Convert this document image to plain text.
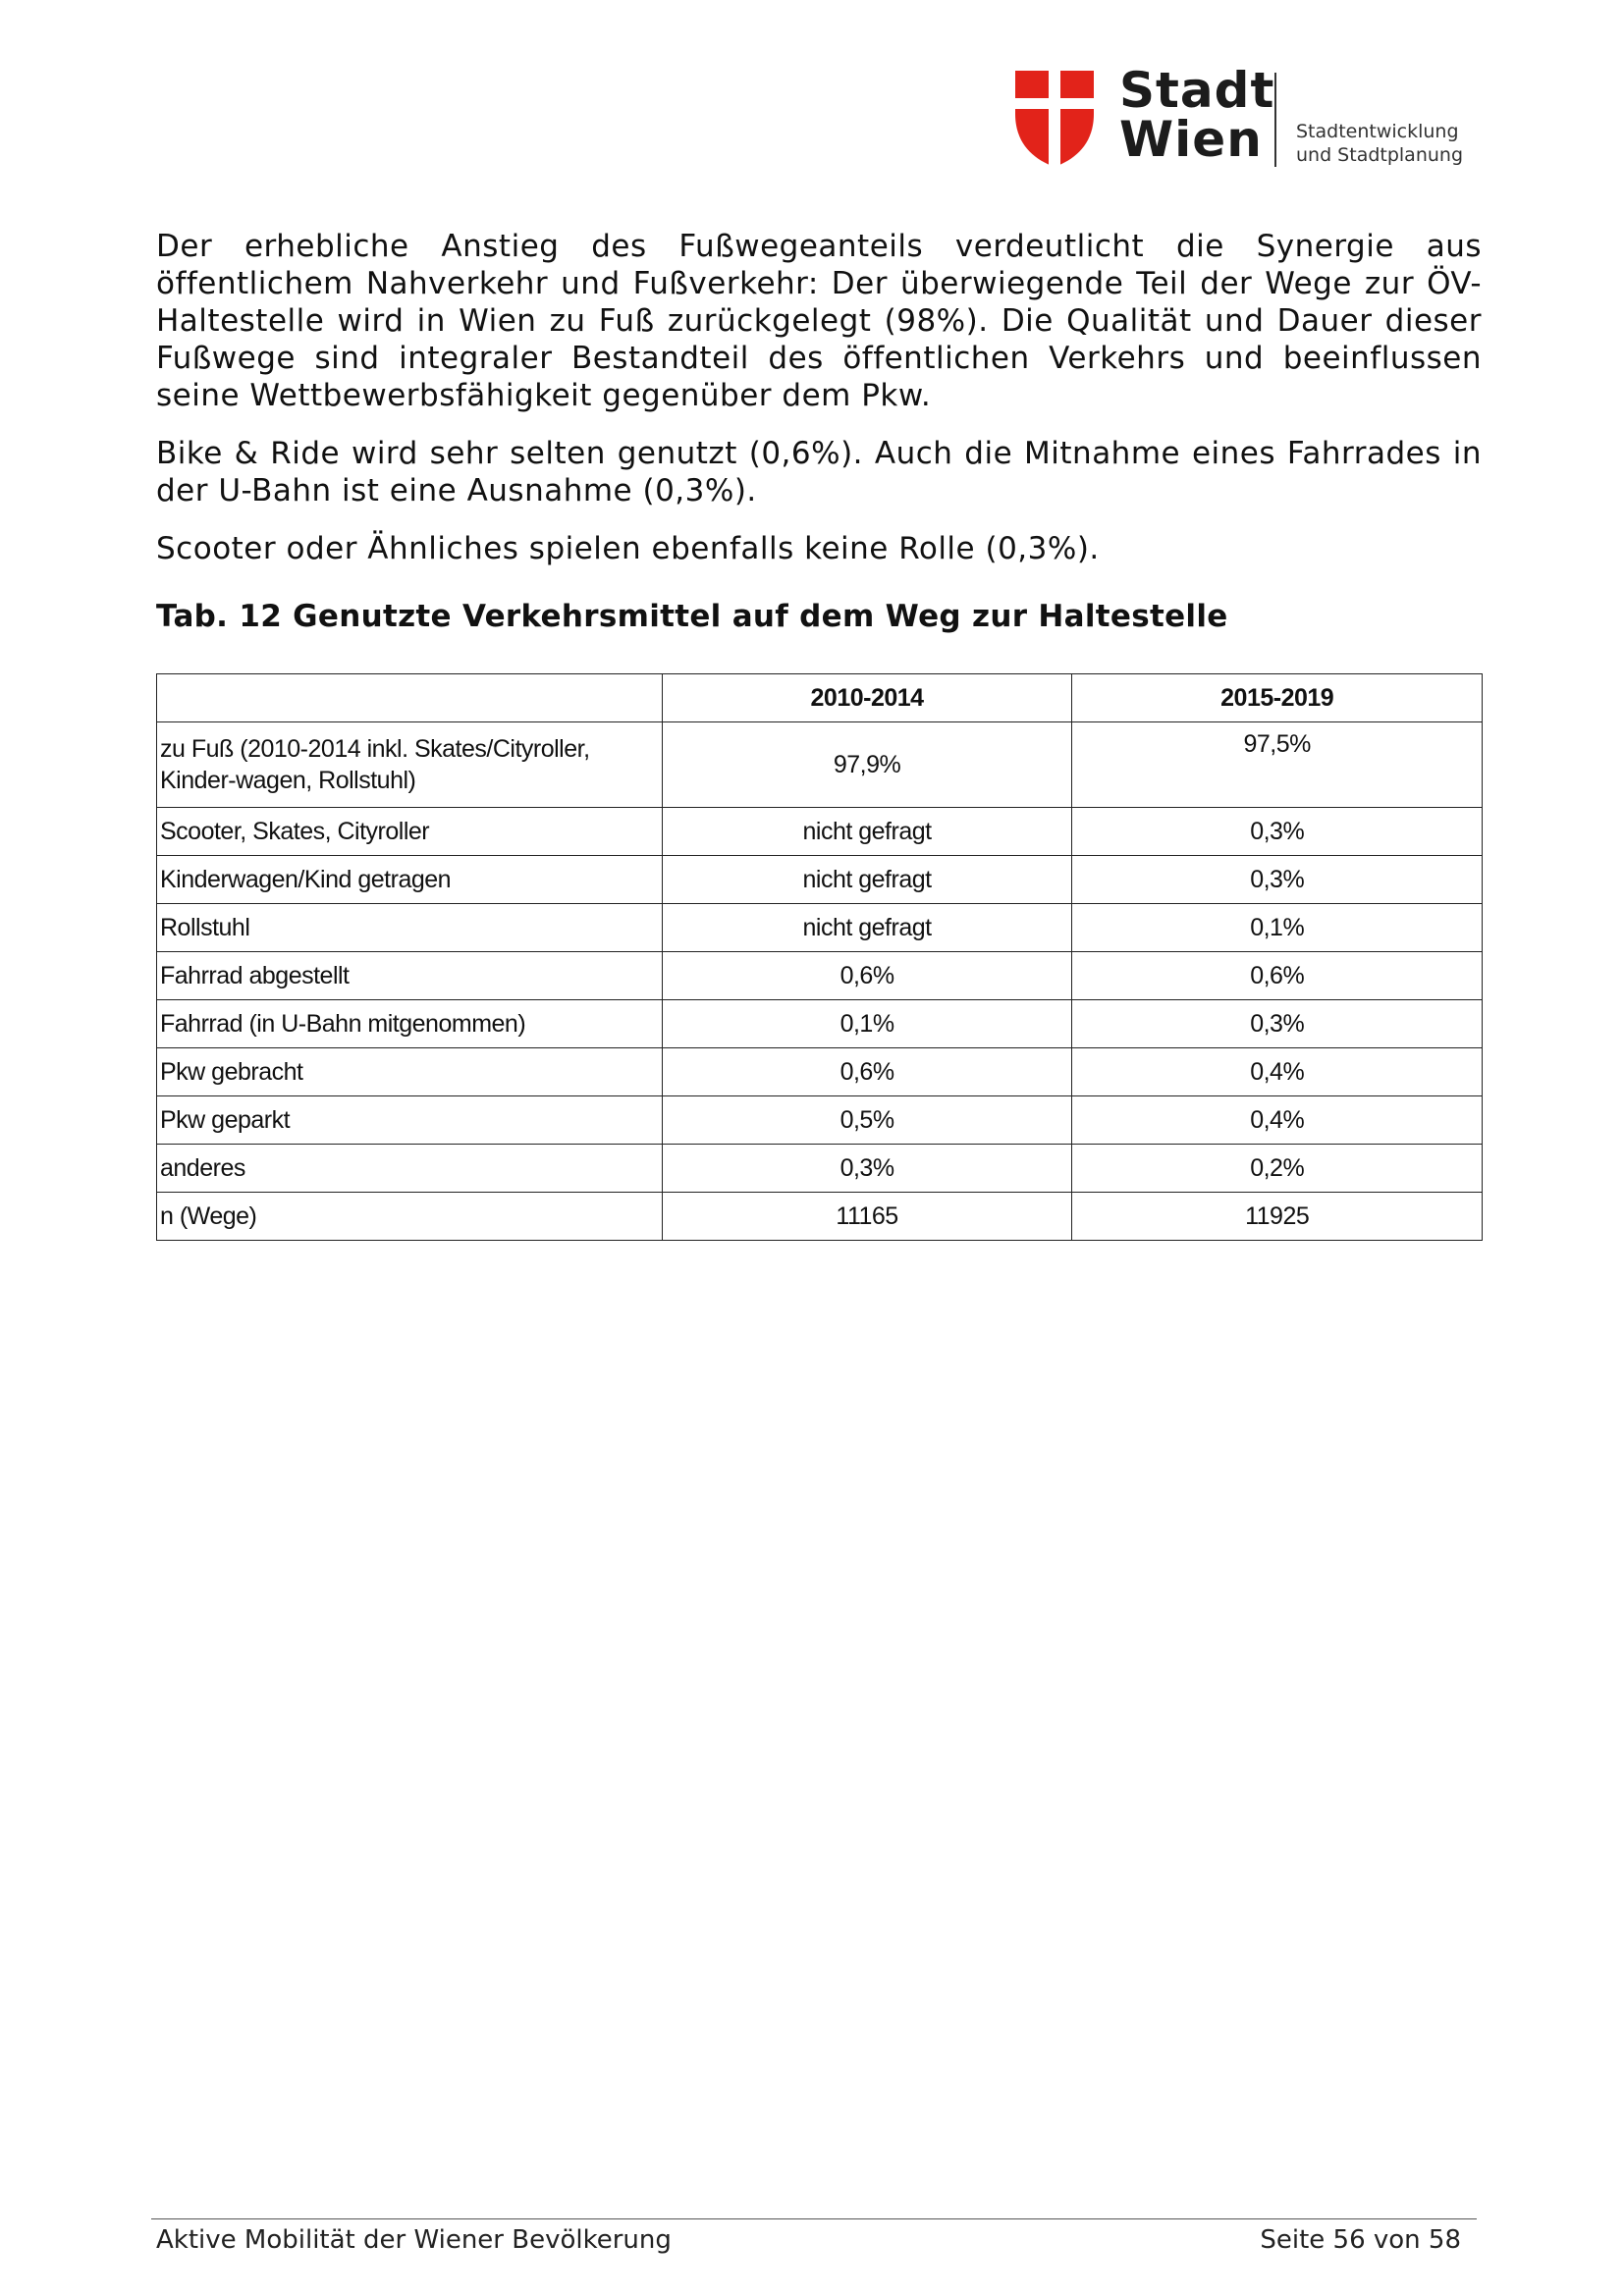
Stadt
Wien Stadtentwicklung
und Stadtplanung

Der erhebliche Anstieg des Fußwegeanteils verdeutlicht die Synergie aus öffentlichem Nahverkehr und Fußverkehr: Der überwiegende Teil der Wege zur ÖV-Haltestelle wird in Wien zu Fuß zurückgelegt (98%). Die Qualität und Dauer dieser Fußwege sind integraler Bestandteil des öffentlichen Verkehrs und beeinflussen seine Wettbewerbsfähigkeit gegenüber dem Pkw.

Bike & Ride wird sehr selten genutzt (0,6%). Auch die Mitnahme eines Fahrrades in der U-Bahn ist eine Ausnahme (0,3%).

Scooter oder Ähnliches spielen ebenfalls keine Rolle (0,3%).

Tab. 12 Genutzte Verkehrsmittel auf dem Weg zur Haltestelle
	2010-2014	2015-2019
zu Fuß (2010-2014 inkl. Skates/Cityroller, Kinder-wagen, Rollstuhl)	97,9%	97,5%
Scooter, Skates, Cityroller	nicht gefragt	0,3%
Kinderwagen/Kind getragen	nicht gefragt	0,3%
Rollstuhl	nicht gefragt	0,1%
Fahrrad abgestellt	0,6%	0,6%
Fahrrad (in U-Bahn mitgenommen)	0,1%	0,3%
Pkw gebracht	0,6%	0,4%
Pkw geparkt	0,5%	0,4%
anderes	0,3%	0,2%
n (Wege)	11165	11925
Aktive Mobilität der Wiener Bevölkerung	Seite 56 von 58
